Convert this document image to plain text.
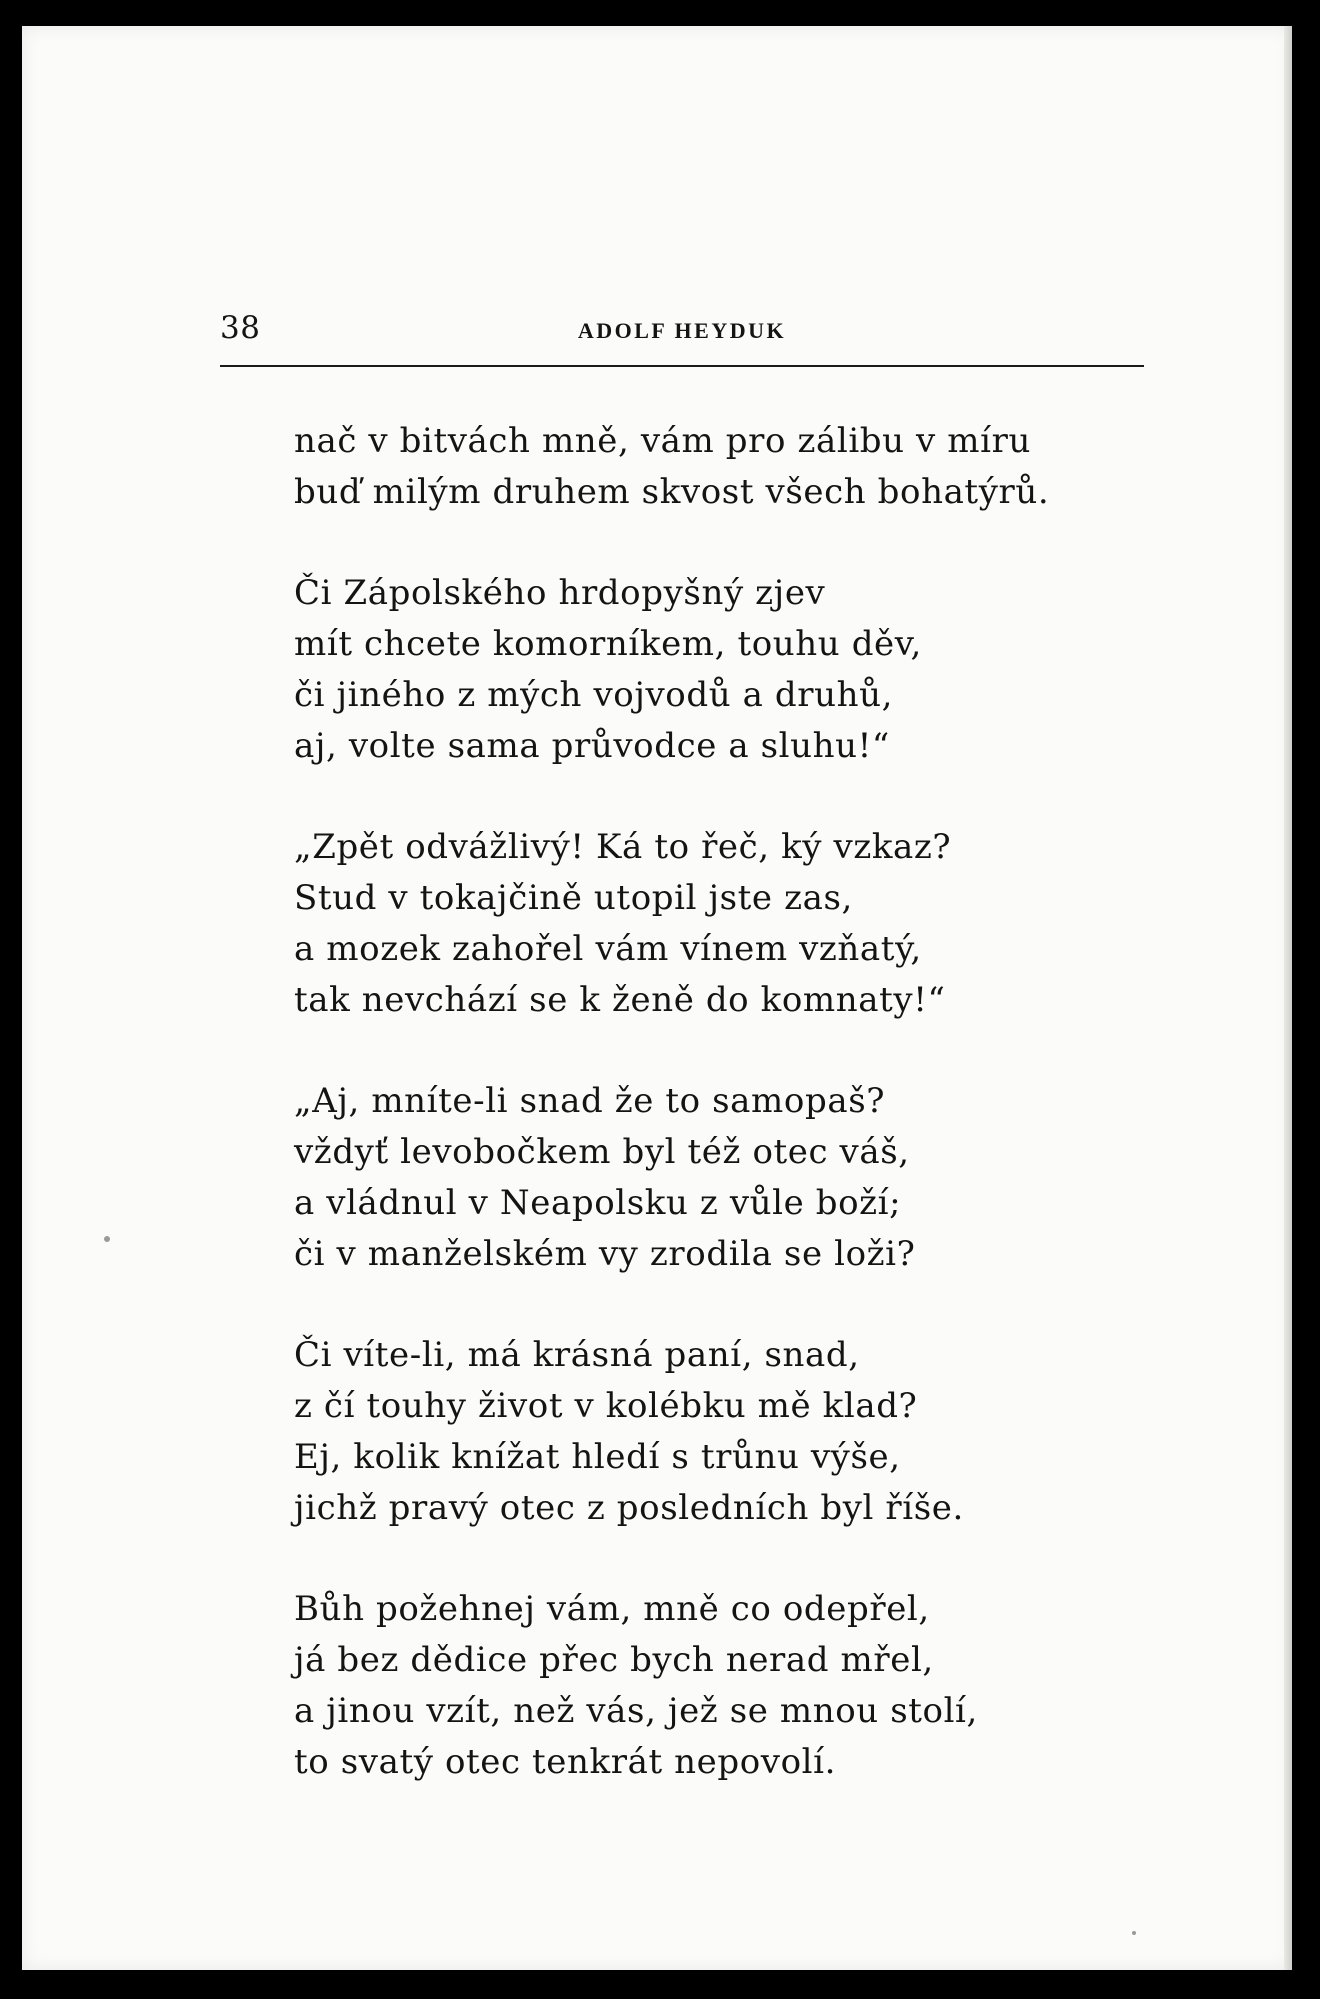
38	ADOLF HEYDUK
nač v bitvách mně, vám pro zálibu v míru
buď milým druhem skvost všech bohatýrů.
Či Zápolského hrdopyšný zjev
mít chcete komorníkem, touhu děv,
či jiného z mých vojvodů a druhů,
aj, volte sama průvodce a sluhu!“
„Zpět odvážlivý! Ká to řeč, ký vzkaz?
Stud v tokajčině utopil jste zas,
a mozek zahořel vám vínem vzňatý,
tak nevchází se k ženě do komnaty!“
„Aj, mníte-li snad že to samopaš?
vždyť levobočkem byl též otec váš,
a vládnul v Neapolsku z vůle boží;
či v manželském vy zrodila se loži?
Či víte-li, má krásná paní, snad,
z čí touhy život v kolébku mě klad?
Ej, kolik knížat hledí s trůnu výše,
jichž pravý otec z posledních byl říše.
Bůh požehnej vám, mně co odepřel,
já bez dědice přec bych nerad mřel,
a jinou vzít, než vás, jež se mnou stolí,
to svatý otec tenkrát nepovolí.
